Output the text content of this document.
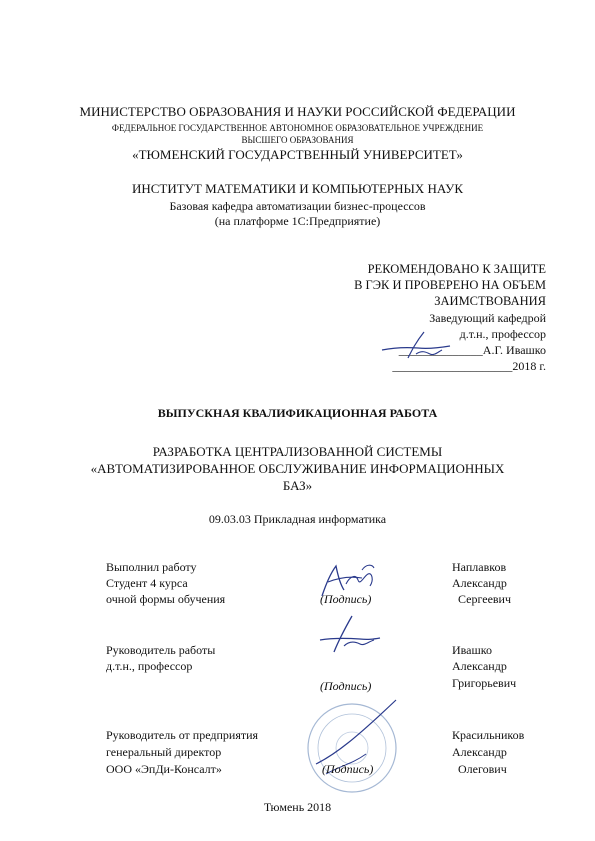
МИНИСТЕРСТВО ОБРАЗОВАНИЯ И НАУКИ РОССИЙСКОЙ ФЕДЕРАЦИИ
ФЕДЕРАЛЬНОЕ ГОСУДАРСТВЕННОЕ АВТОНОМНОЕ ОБРАЗОВАТЕЛЬНОЕ УЧРЕЖДЕНИЕ
ВЫСШЕГО ОБРАЗОВАНИЯ
«ТЮМЕНСКИЙ ГОСУДАРСТВЕННЫЙ УНИВЕРСИТЕТ»
ИНСТИТУТ МАТЕМАТИКИ И КОМПЬЮТЕРНЫХ НАУК
Базовая кафедра автоматизации бизнес-процессов
(на платформе 1С:Предприятие)
РЕКОМЕНДОВАНО К ЗАЩИТЕ
В ГЭК И ПРОВЕРЕНО НА ОБЪЕМ
ЗАИМСТВОВАНИЯ
Заведующий кафедрой
д.т.н., профессор
______________А.Г. Ивашко
____________________2018 г.
ВЫПУСКНАЯ КВАЛИФИКАЦИОННАЯ РАБОТА
РАЗРАБОТКА ЦЕНТРАЛИЗОВАННОЙ СИСТЕМЫ
«АВТОМАТИЗИРОВАННОЕ ОБСЛУЖИВАНИЕ ИНФОРМАЦИОННЫХ
БАЗ»
09.03.03 Прикладная информатика
Выполнил работу
Студент 4 курса
очной формы обучения	(Подпись)
Наплавков
Александр
Сергеевич
Руководитель работы
д.т.н., профессор
(Подпись)
Ивашко
Александр
Григорьевич
Руководитель от предприятия
генеральный директор
ООО «ЭпДи-Консалт»	(Подпись)
Красильников
Александр
Олегович
Тюмень 2018
